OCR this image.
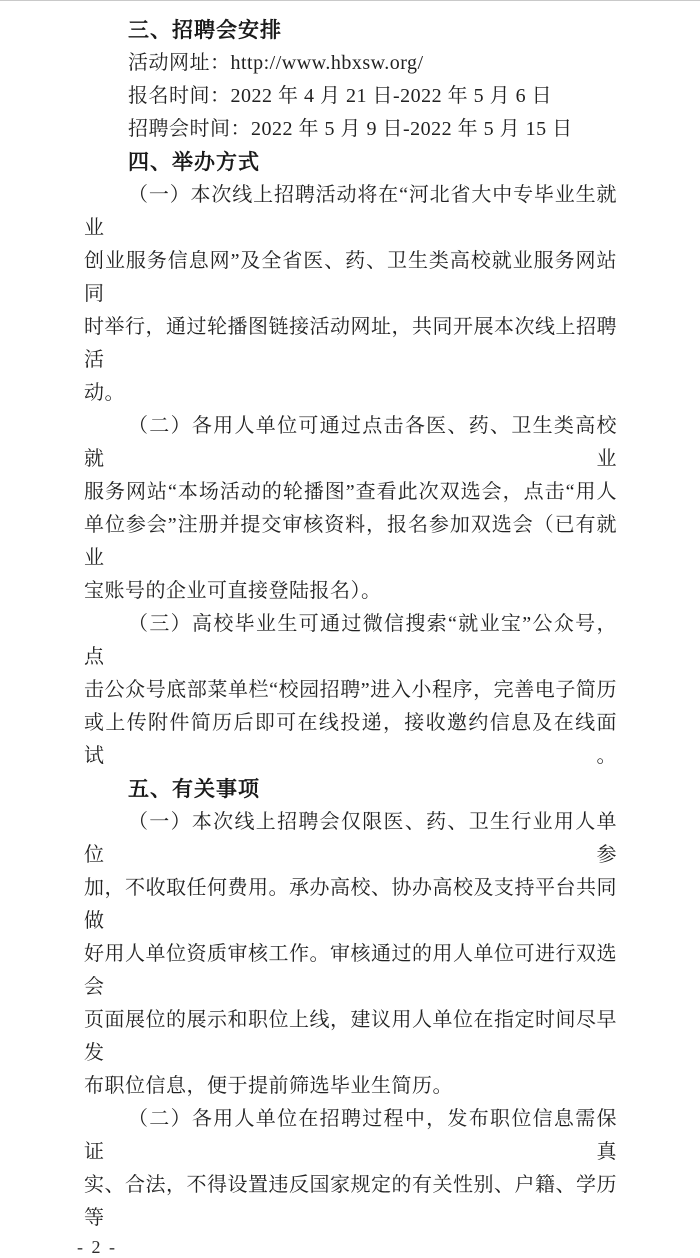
三、招聘会安排
活动网址：http://www.hbxsw.org/
报名时间：2022 年 4 月 21 日-2022 年 5 月 6 日
招聘会时间：2022 年 5 月 9 日-2022 年 5 月 15 日
四、举办方式
（一）本次线上招聘活动将在“河北省大中专毕业生就业
创业服务信息网”及全省医、药、卫生类高校就业服务网站同
时举行，通过轮播图链接活动网址，共同开展本次线上招聘活
动。
（二）各用人单位可通过点击各医、药、卫生类高校就业
服务网站“本场活动的轮播图”查看此次双选会，点击“用人
单位参会”注册并提交审核资料，报名参加双选会（已有就业
宝账号的企业可直接登陆报名）。
（三）高校毕业生可通过微信搜索“就业宝”公众号，点
击公众号底部菜单栏“校园招聘”进入小程序，完善电子简历
或上传附件简历后即可在线投递，接收邀约信息及在线面试。
五、有关事项
（一）本次线上招聘会仅限医、药、卫生行业用人单位参
加，不收取任何费用。承办高校、协办高校及支持平台共同做
好用人单位资质审核工作。审核通过的用人单位可进行双选会
页面展位的展示和职位上线，建议用人单位在指定时间尽早发
布职位信息，便于提前筛选毕业生简历。
（二）各用人单位在招聘过程中，发布职位信息需保证真
实、合法，不得设置违反国家规定的有关性别、户籍、学历等
- 2 -
